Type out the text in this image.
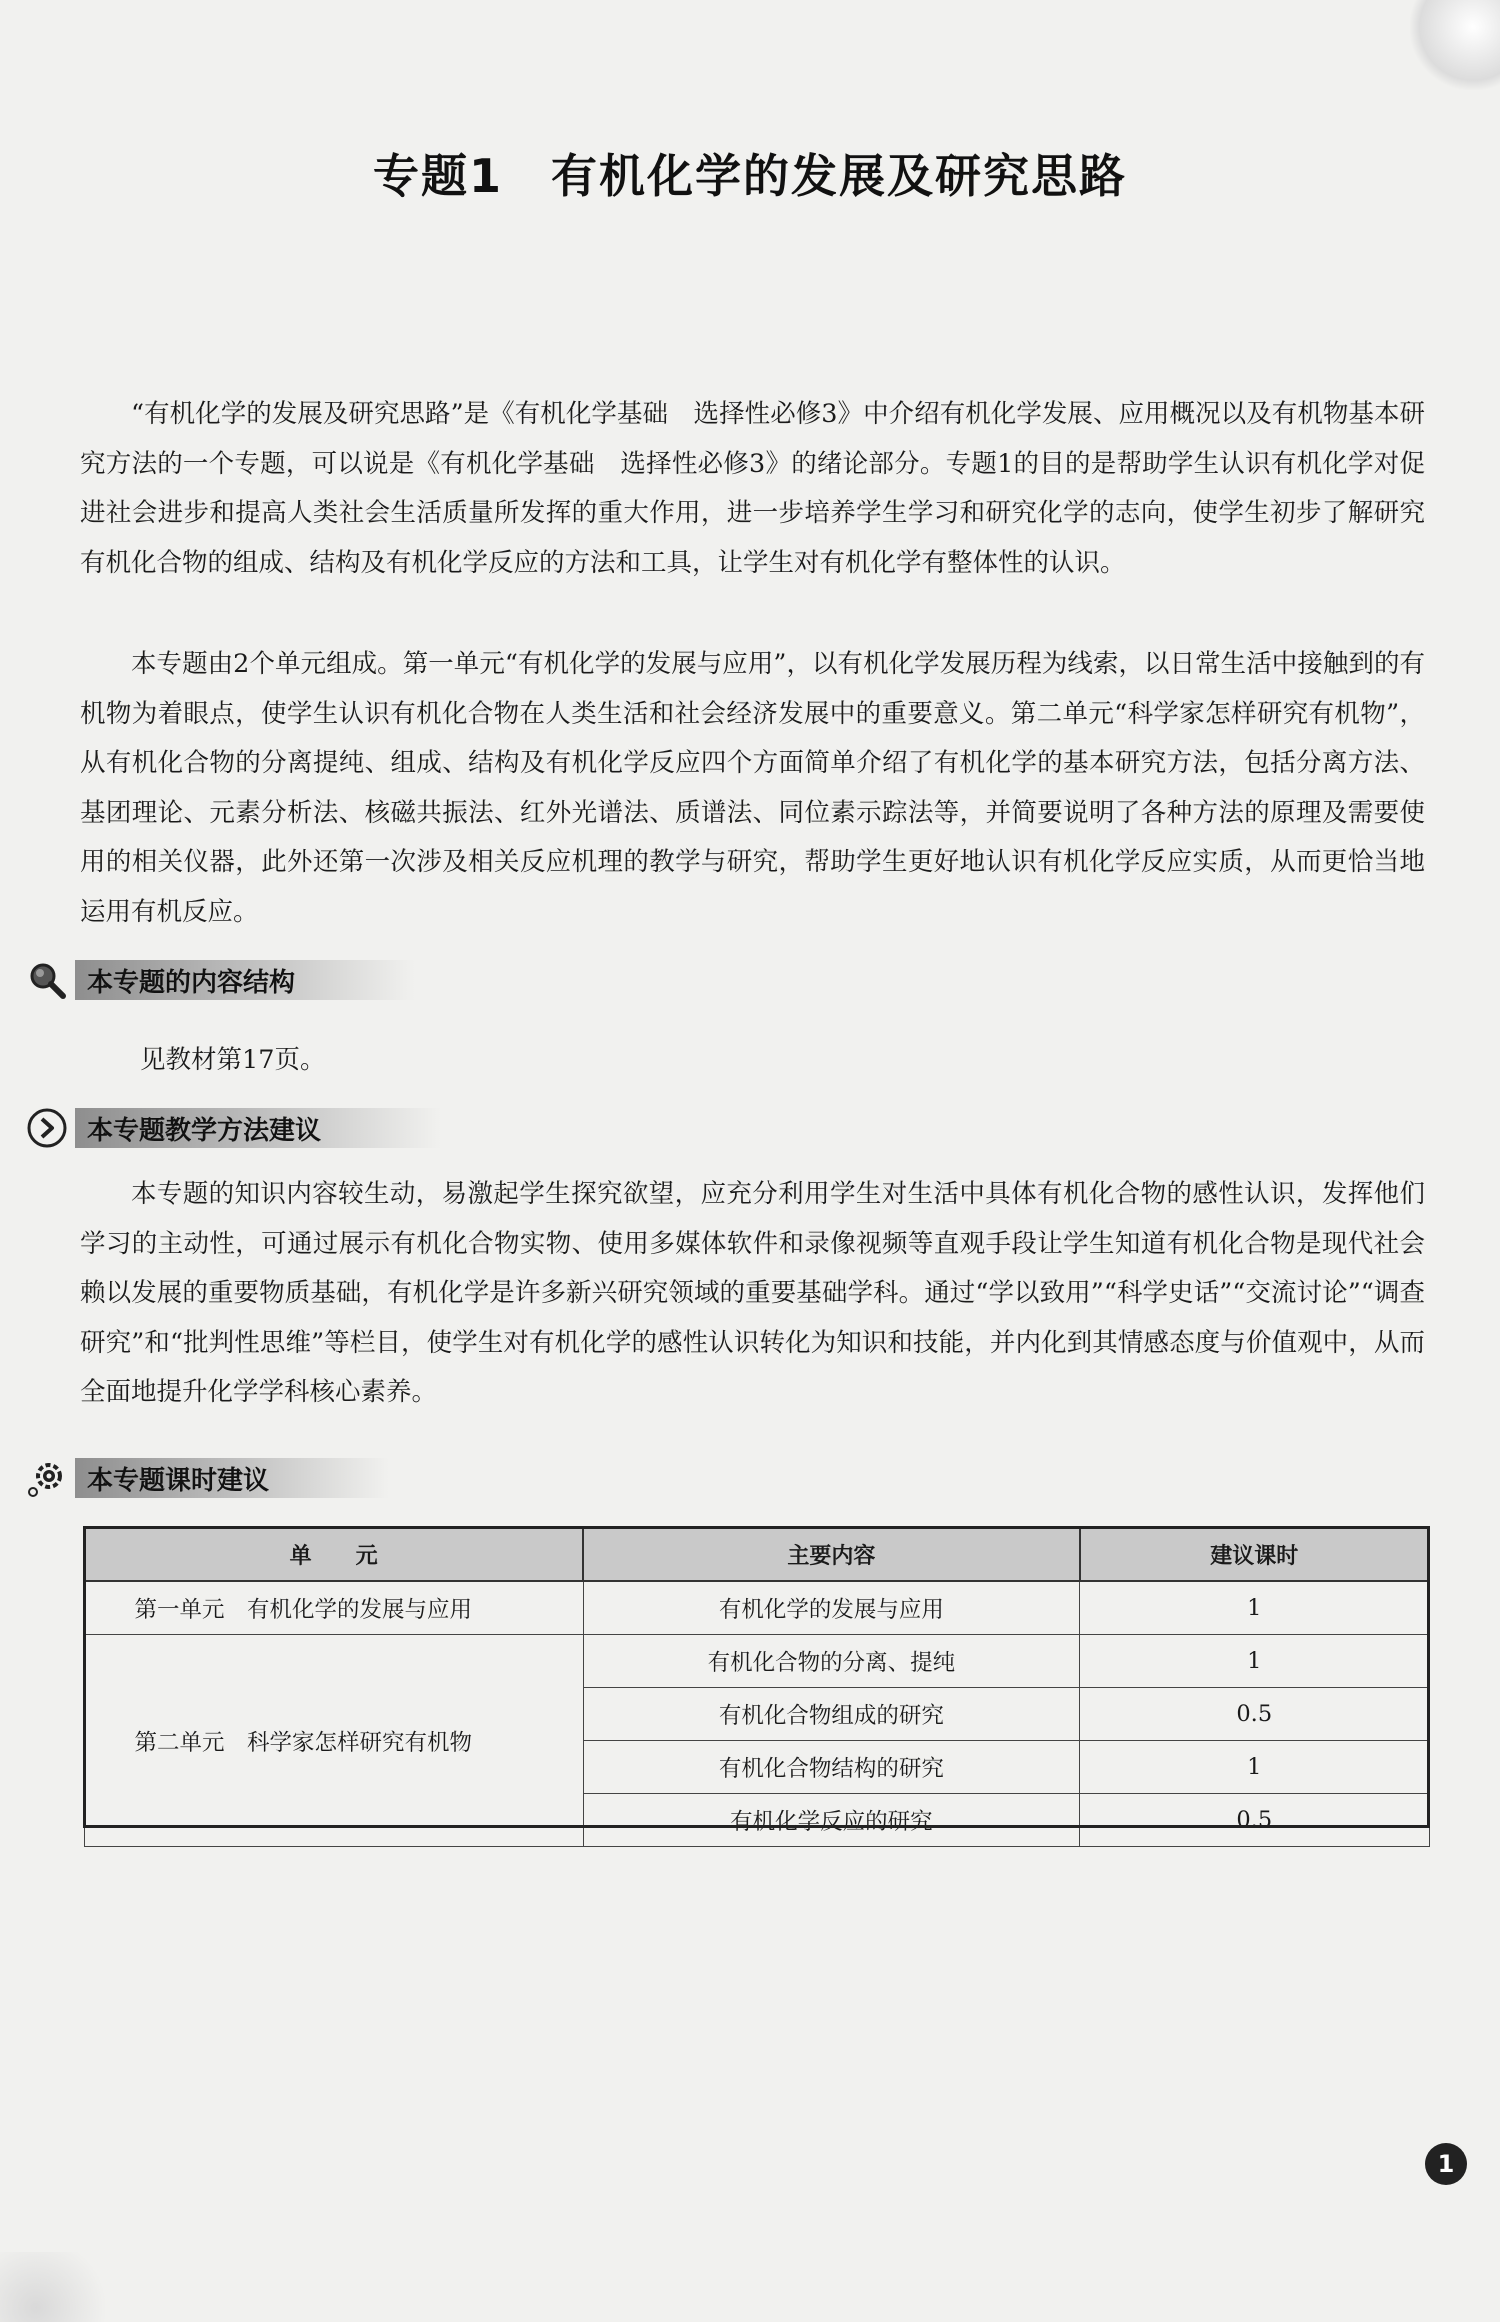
专题1　有机化学的发展及研究思路

“有机化学的发展及研究思路”是《有机化学基础　选择性必修3》中介绍有机化学发展、应用概况以及有机物基本研究方法的一个专题，可以说是《有机化学基础　选择性必修3》的绪论部分。专题1的目的是帮助学生认识有机化学对促进社会进步和提高人类社会生活质量所发挥的重大作用，进一步培养学生学习和研究化学的志向，使学生初步了解研究有机化合物的组成、结构及有机化学反应的方法和工具，让学生对有机化学有整体性的认识。

本专题由2个单元组成。第一单元“有机化学的发展与应用”，以有机化学发展历程为线索，以日常生活中接触到的有机物为着眼点，使学生认识有机化合物在人类生活和社会经济发展中的重要意义。第二单元“科学家怎样研究有机物”，从有机化合物的分离提纯、组成、结构及有机化学反应四个方面简单介绍了有机化学的基本研究方法，包括分离方法、基团理论、元素分析法、核磁共振法、红外光谱法、质谱法、同位素示踪法等，并简要说明了各种方法的原理及需要使用的相关仪器，此外还第一次涉及相关反应机理的教学与研究，帮助学生更好地认识有机化学反应实质，从而更恰当地运用有机反应。

本专题的内容结构
见教材第17页。
本专题教学方法建议

本专题的知识内容较生动，易激起学生探究欲望，应充分利用学生对生活中具体有机化合物的感性认识，发挥他们学习的主动性，可通过展示有机化合物实物、使用多媒体软件和录像视频等直观手段让学生知道有机化合物是现代社会赖以发展的重要物质基础，有机化学是许多新兴研究领域的重要基础学科。通过“学以致用”“科学史话”“交流讨论”“调查研究”和“批判性思维”等栏目，使学生对有机化学的感性认识转化为知识和技能，并内化到其情感态度与价值观中，从而全面地提升化学学科核心素养。

本专题课时建议
单　　元	主要内容	建议课时
第一单元　有机化学的发展与应用	有机化学的发展与应用	1
第二单元　科学家怎样研究有机物	有机化合物的分离、提纯	1
	有机化合物组成的研究	0.5
	有机化合物结构的研究	1
	有机化学反应的研究	0.5
1
